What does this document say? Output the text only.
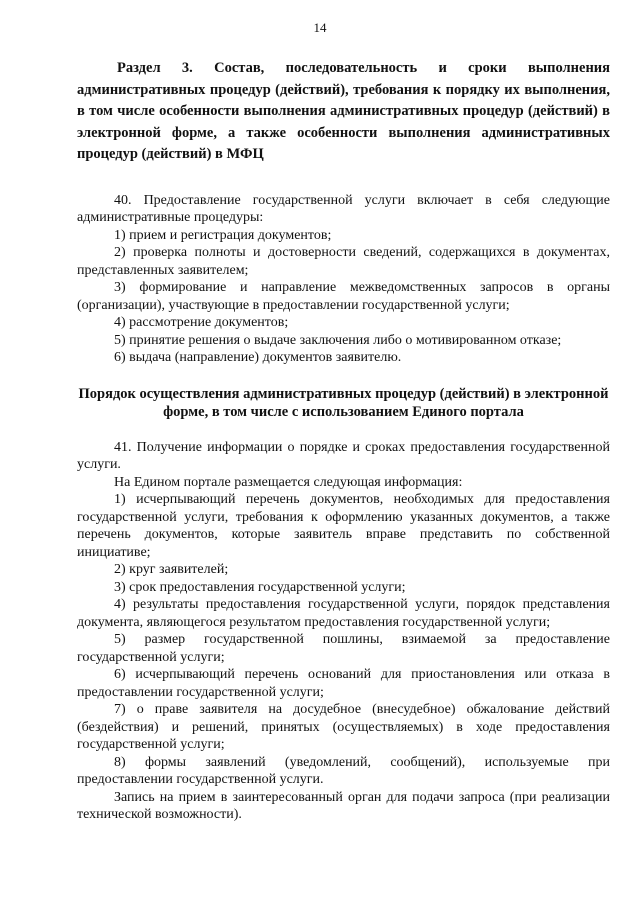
14

Раздел 3. Состав, последовательность и сроки выполнения административных процедур (действий), требования к порядку их выполнения, в том числе особенности выполнения административных процедур (действий) в электронной форме, а также особенности выполнения административных процедур (действий) в МФЦ

40. Предоставление государственной услуги включает в себя следующие административные процедуры:

1) прием и регистрация документов;

2) проверка полноты и достоверности сведений, содержащихся в документах, представленных заявителем;

3) формирование и направление межведомственных запросов в органы (организации), участвующие в предоставлении государственной услуги;

4) рассмотрение документов;

5) принятие решения о выдаче заключения либо о мотивированном отказе;

6) выдача (направление) документов заявителю.

Порядок осуществления административных процедур (действий) в электронной форме, в том числе с использованием Единого портала

41. Получение информации о порядке и сроках предоставления государственной услуги.

На Едином портале размещается следующая информация:

1) исчерпывающий перечень документов, необходимых для предоставления государственной услуги, требования к оформлению указанных документов, а также перечень документов, которые заявитель вправе представить по собственной инициативе;

2) круг заявителей;

3) срок предоставления государственной услуги;

4) результаты предоставления государственной услуги, порядок представления документа, являющегося результатом предоставления государственной услуги;

5) размер государственной пошлины, взимаемой за предоставление государственной услуги;

6) исчерпывающий перечень оснований для приостановления или отказа в предоставлении государственной услуги;

7) о праве заявителя на досудебное (внесудебное) обжалование действий (бездействия) и решений, принятых (осуществляемых) в ходе предоставления государственной услуги;

8) формы заявлений (уведомлений, сообщений), используемые при предоставлении государственной услуги.

Запись на прием в заинтересованный орган для подачи запроса (при реализации технической возможности).
